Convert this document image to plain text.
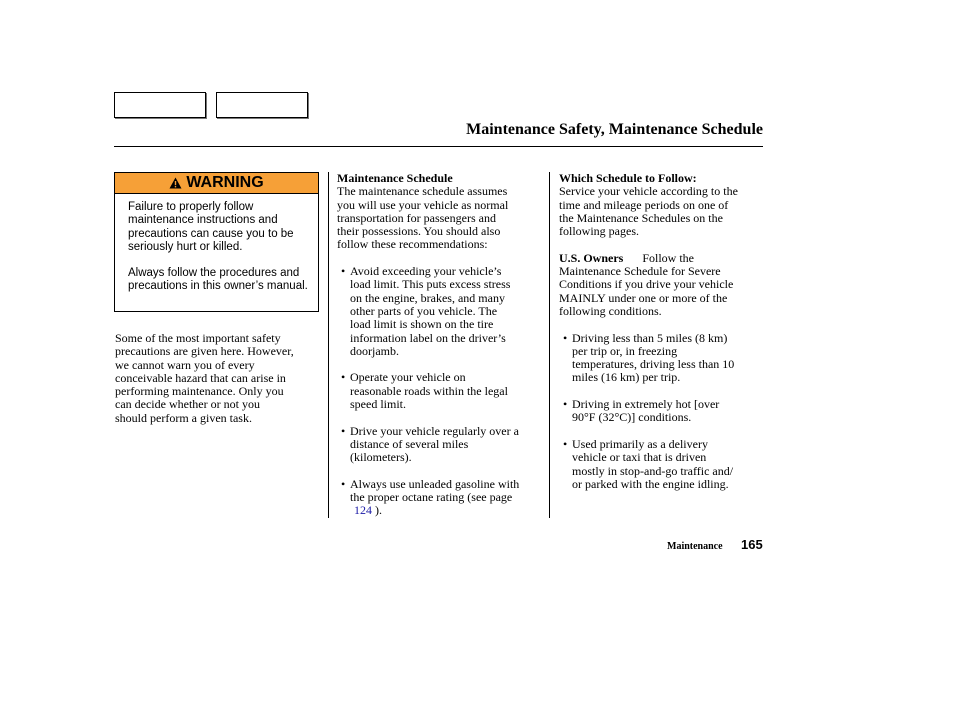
Maintenance Safety, Maintenance Schedule
WARNING

Failure to properly follow maintenance instructions and precautions can cause you to be seriously hurt or killed.

Always follow the procedures and precautions in this owner’s manual.

Some of the most important safety

precautions are given here. However,

we cannot warn you of every

conceivable hazard that can arise in

performing maintenance. Only you

can decide whether or not you

should perform a given task.

Maintenance Schedule

The maintenance schedule assumes

you will use your vehicle as normal

transportation for passengers and

their possessions. You should also

follow these recommendations:

• Avoid exceeding your vehicle’s

load limit. This puts excess stress

on the engine, brakes, and many

other parts of you vehicle. The

load limit is shown on the tire

information label on the driver’s

doorjamb.

• Operate your vehicle on

reasonable roads within the legal

speed limit.

• Drive your vehicle regularly over a

distance of several miles

(kilometers).

• Always use unleaded gasoline with

the proper octane rating (see page

124 ).

Which Schedule to Follow:

Service your vehicle according to the

time and mileage periods on one of

the Maintenance Schedules on the

following pages.

U.S. Owners Follow the

Maintenance Schedule for Severe

Conditions if you drive your vehicle

MAINLY under one or more of the

following conditions.

• Driving less than 5 miles (8 km)

per trip or, in freezing

temperatures, driving less than 10

miles (16 km) per trip.

• Driving in extremely hot [over

90°F (32°C)] conditions.

• Used primarily as a delivery

vehicle or taxi that is driven

mostly in stop-and-go traffic and/

or parked with the engine idling.

Maintenance 165
